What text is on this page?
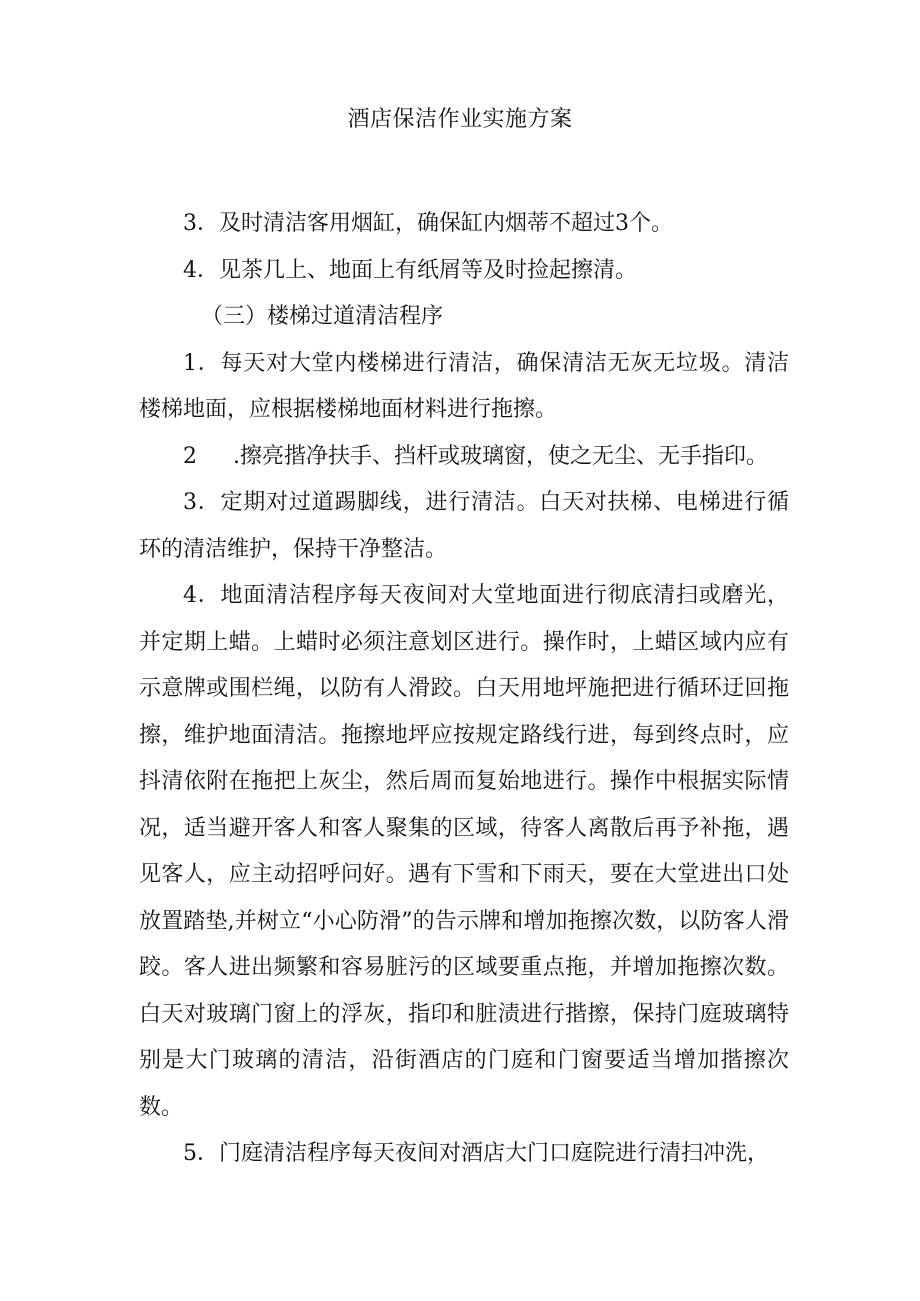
酒店保洁作业实施方案

3．及时清洁客用烟缸，确保缸内烟蒂不超过3个。

4．见茶几上、地面上有纸屑等及时捡起擦清。

（三）楼梯过道清洁程序

1．每天对大堂内楼梯进行清洁，确保清洁无灰无垃圾。清洁楼梯地面，应根据楼梯地面材料进行拖擦。

2 .擦亮揩净扶手、挡杆或玻璃窗，使之无尘、无手指印。

3．定期对过道踢脚线，进行清洁。白天对扶梯、电梯进行循环的清洁维护，保持干净整洁。

4．地面清洁程序每天夜间对大堂地面进行彻底清扫或磨光，并定期上蜡。上蜡时必须注意划区进行。操作时，上蜡区域内应有示意牌或围栏绳，以防有人滑跤。白天用地坪施把进行循环迂回拖擦，维护地面清洁。拖擦地坪应按规定路线行进，每到终点时，应抖清依附在拖把上灰尘，然后周而复始地进行。操作中根据实际情况，适当避开客人和客人聚集的区域，待客人离散后再予补拖，遇见客人，应主动招呼问好。遇有下雪和下雨天，要在大堂进出口处放置踏垫,并树立“小心防滑”的告示牌和增加拖擦次数，以防客人滑跤。客人进出频繁和容易脏污的区域要重点拖，并增加拖擦次数。白天对玻璃门窗上的浮灰，指印和脏渍进行揩擦，保持门庭玻璃特别是大门玻璃的清洁，沿街酒店的门庭和门窗要适当增加揩擦次数。

5．门庭清洁程序每天夜间对酒店大门口庭院进行清扫冲洗，
